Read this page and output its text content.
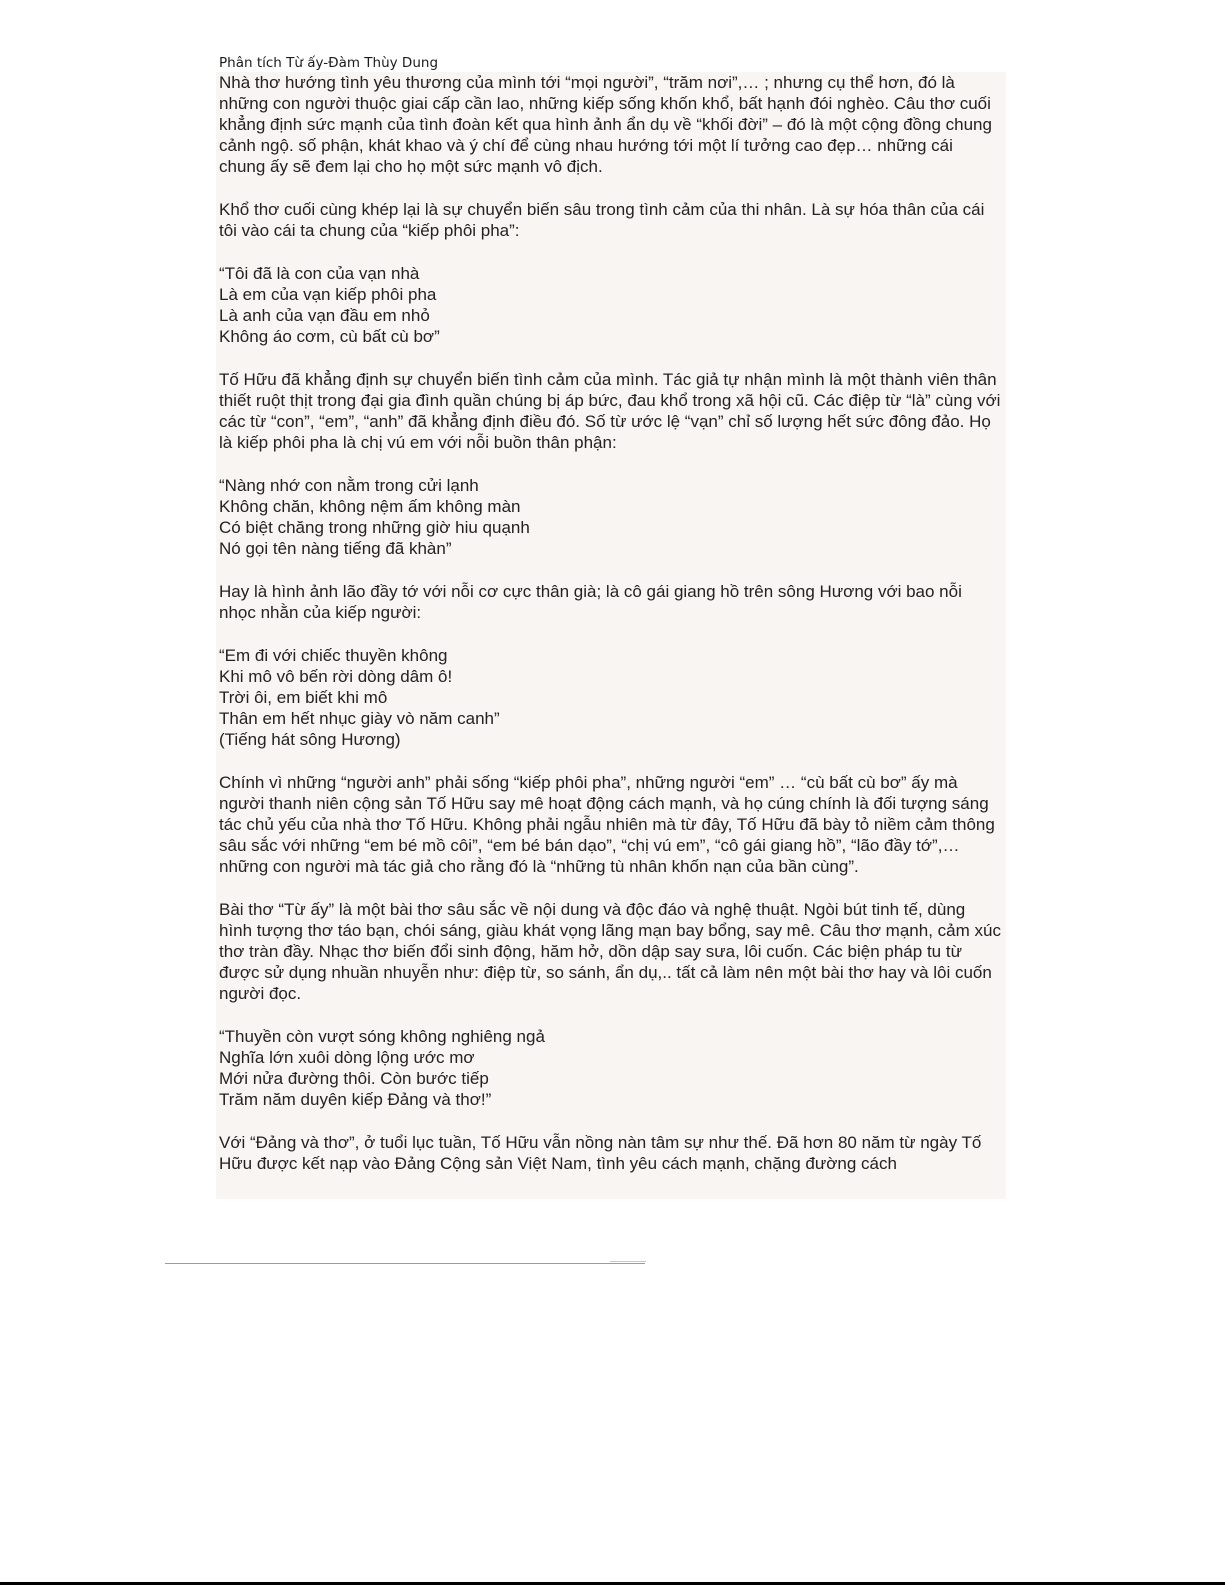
Phân tích Từ ấy-Đàm Thùy Dung

Nhà thơ hướng tình yêu thương của mình tới “mọi người”, “trăm nơi”,… ; nhưng cụ thể hơn, đó là những con người thuộc giai cấp cần lao, những kiếp sống khốn khổ, bất hạnh đói nghèo. Câu thơ cuối khẳng định sức mạnh của tình đoàn kết qua hình ảnh ẩn dụ về “khối đời” – đó là một cộng đồng chung cảnh ngộ. số phận, khát khao và ý chí để cùng nhau hướng tới một lí tưởng cao đẹp… những cái chung ấy sẽ đem lại cho họ một sức mạnh vô địch.

Khổ thơ cuối cùng khép lại là sự chuyển biến sâu trong tình cảm của thi nhân. Là sự hóa thân của cái tôi vào cái ta chung của “kiếp phôi pha”:

“Tôi đã là con của vạn nhà
Là em của vạn kiếp phôi pha
Là anh của vạn đầu em nhỏ
Không áo cơm, cù bất cù bơ”

Tố Hữu đã khẳng định sự chuyển biến tình cảm của mình. Tác giả tự nhận mình là một thành viên thân thiết ruột thịt trong đại gia đình quần chúng bị áp bức, đau khổ trong xã hội cũ. Các điệp từ “là” cùng với các từ “con”, “em”, “anh” đã khẳng định điều đó. Số từ ước lệ “vạn” chỉ số lượng hết sức đông đảo. Họ là kiếp phôi pha là chị vú em với nỗi buồn thân phận:

“Nàng nhớ con nằm trong cửi lạnh
Không chăn, không nệm ấm không màn
Có biệt chăng trong những giờ hiu quạnh
Nó gọi tên nàng tiếng đã khàn”

Hay là hình ảnh lão đầy tớ với nỗi cơ cực thân già; là cô gái giang hồ trên sông Hương với bao nỗi nhọc nhằn của kiếp người:

“Em đi với chiếc thuyền không
Khi mô vô bến rời dòng dâm ô!
Trời ôi, em biết khi mô
Thân em hết nhục giày vò năm canh”
(Tiếng hát sông Hương)

Chính vì những “người anh” phải sống “kiếp phôi pha”, những người “em” … “cù bất cù bơ” ấy mà người thanh niên cộng sản Tố Hữu say mê hoạt động cách mạnh, và họ cúng chính là đối tượng sáng tác chủ yếu của nhà thơ Tố Hữu. Không phải ngẫu nhiên mà từ đây, Tố Hữu đã bày tỏ niềm cảm thông sâu sắc với những “em bé mồ côi”, “em bé bán dạo”, “chị vú em”, “cô gái giang hồ”, “lão đầy tớ”,… những con người mà tác giả cho rằng đó là “những tù nhân khốn nạn của bần cùng”.

Bài thơ “Từ ấy” là một bài thơ sâu sắc về nội dung và độc đáo và nghệ thuật. Ngòi bút tinh tế, dùng hình tượng thơ táo bạn, chói sáng, giàu khát vọng lãng mạn bay bổng, say mê. Câu thơ mạnh, cảm xúc thơ tràn đầy. Nhạc thơ biến đổi sinh động, hăm hở, dồn dập say sưa, lôi cuốn. Các biện pháp tu từ được sử dụng nhuần nhuyễn như: điệp từ, so sánh, ẩn dụ,.. tất cả làm nên một bài thơ hay và lôi cuốn người đọc.

“Thuyền còn vượt sóng không nghiêng ngả
Nghĩa lớn xuôi dòng lộng ước mơ
Mới nửa đường thôi. Còn bước tiếp
Trăm năm duyên kiếp Đảng và thơ!”

Với “Đảng và thơ”, ở tuổi lục tuần, Tố Hữu vẫn nồng nàn tâm sự như thế. Đã hơn 80 năm từ ngày Tố Hữu được kết nạp vào Đảng Cộng sản Việt Nam, tình yêu cách mạnh, chặng đường cách
